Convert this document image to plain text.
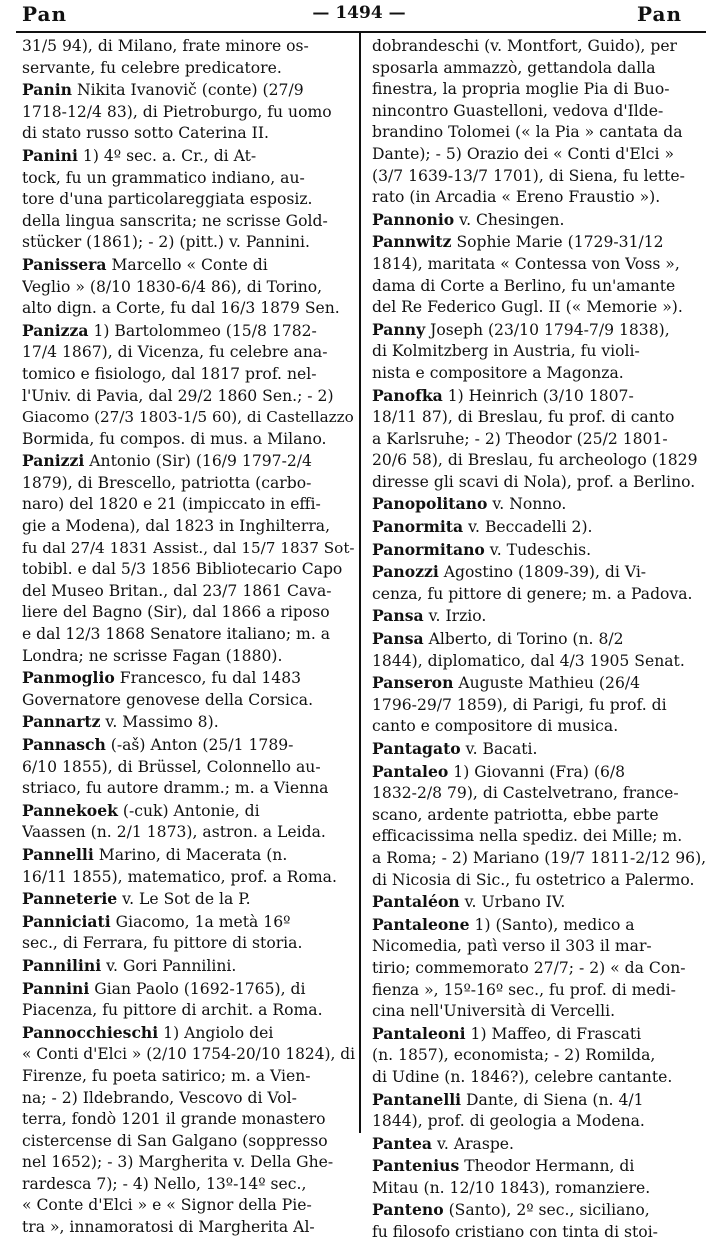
Pan	— 1494 —	Pan
31/5 94), di Milano, frate minore os-
servante, fu celebre predicatore.
Panin Nikita Ivanovič (conte) (27/9
1718-12/4 83), di Pietroburgo, fu uomo
di stato russo sotto Caterina II.
Panini 1) 4º sec. a. Cr., di At-
tock, fu un grammatico indiano, au-
tore d'una particolareggiata esposiz.
della lingua sanscrita; ne scrisse Gold-
stücker (1861); - 2) (pitt.) v. Pannini.
Panissera Marcello « Conte di
Veglio » (8/10 1830-6/4 86), di Torino,
alto dign. a Corte, fu dal 16/3 1879 Sen.
Panizza 1) Bartolommeo (15/8 1782-
17/4 1867), di Vicenza, fu celebre ana-
tomico e fisiologo, dal 1817 prof. nel-
l'Univ. di Pavia, dal 29/2 1860 Sen.; - 2)
Giacomo (27/3 1803-1/5 60), di Castellazzo
Bormida, fu compos. di mus. a Milano.
Panizzi Antonio (Sir) (16/9 1797-2/4
1879), di Brescello, patriotta (carbo-
naro) del 1820 e 21 (impiccato in effi-
gie a Modena), dal 1823 in Inghilterra,
fu dal 27/4 1831 Assist., dal 15/7 1837 Sot-
tobibl. e dal 5/3 1856 Bibliotecario Capo
del Museo Britan., dal 23/7 1861 Cava-
liere del Bagno (Sir), dal 1866 a riposo
e dal 12/3 1868 Senatore italiano; m. a
Londra; ne scrisse Fagan (1880).
Panmoglio Francesco, fu dal 1483
Governatore genovese della Corsica.
Pannartz v. Massimo 8).
Pannasch (-aš) Anton (25/1 1789-
6/10 1855), di Brüssel, Colonnello au-
striaco, fu autore dramm.; m. a Vienna
Pannekoek (-cuk) Antonie, di
Vaassen (n. 2/1 1873), astron. a Leida.
Pannelli Marino, di Macerata (n.
16/11 1855), matematico, prof. a Roma.
Panneterie v. Le Sot de la P.
Panniciati Giacomo, 1a metà 16º
sec., di Ferrara, fu pittore di storia.
Pannilini v. Gori Pannilini.
Pannini Gian Paolo (1692-1765), di
Piacenza, fu pittore di archit. a Roma.
Pannocchieschi 1) Angiolo dei
« Conti d'Elci » (2/10 1754-20/10 1824), di
Firenze, fu poeta satirico; m. a Vien-
na; - 2) Ildebrando, Vescovo di Vol-
terra, fondò 1201 il grande monastero
cistercense di San Galgano (soppresso
nel 1652); - 3) Margherita v. Della Ghe-
rardesca 7); - 4) Nello, 13º-14º sec.,
« Conte d'Elci » e « Signor della Pie-
tra », innamoratosi di Margherita Al-
dobrandeschi (v. Montfort, Guido), per
sposarla ammazzò, gettandola dalla
finestra, la propria moglie Pia di Buo-
nincontro Guastelloni, vedova d'Ilde-
brandino Tolomei (« la Pia » cantata da
Dante); - 5) Orazio dei « Conti d'Elci »
(3/7 1639-13/7 1701), di Siena, fu lette-
rato (in Arcadia « Ereno Fraustio »).
Pannonio v. Chesingen.
Pannwitz Sophie Marie (1729-31/12
1814), maritata « Contessa von Voss »,
dama di Corte a Berlino, fu un'amante
del Re Federico Gugl. II (« Memorie »).
Panny Joseph (23/10 1794-7/9 1838),
di Kolmitzberg in Austria, fu violi-
nista e compositore a Magonza.
Panofka 1) Heinrich (3/10 1807-
18/11 87), di Breslau, fu prof. di canto
a Karlsruhe; - 2) Theodor (25/2 1801-
20/6 58), di Breslau, fu archeologo (1829
diresse gli scavi di Nola), prof. a Berlino.
Panopolitano v. Nonno.
Panormita v. Beccadelli 2).
Panormitano v. Tudeschis.
Panozzi Agostino (1809-39), di Vi-
cenza, fu pittore di genere; m. a Padova.
Pansa v. Irzio.
Pansa Alberto, di Torino (n. 8/2
1844), diplomatico, dal 4/3 1905 Senat.
Panseron Auguste Mathieu (26/4
1796-29/7 1859), di Parigi, fu prof. di
canto e compositore di musica.
Pantagato v. Bacati.
Pantaleo 1) Giovanni (Fra) (6/8
1832-2/8 79), di Castelvetrano, france-
scano, ardente patriotta, ebbe parte
efficacissima nella spediz. dei Mille; m.
a Roma; - 2) Mariano (19/7 1811-2/12 96),
di Nicosia di Sic., fu ostetrico a Palermo.
Pantaléon v. Urbano IV.
Pantaleone 1) (Santo), medico a
Nicomedia, patì verso il 303 il mar-
tirio; commemorato 27/7; - 2) « da Con-
fienza », 15º-16º sec., fu prof. di medi-
cina nell'Università di Vercelli.
Pantaleoni 1) Maffeo, di Frascati
(n. 1857), economista; - 2) Romilda,
di Udine (n. 1846?), celebre cantante.
Pantanelli Dante, di Siena (n. 4/1
1844), prof. di geologia a Modena.
Pantea v. Araspe.
Pantenius Theodor Hermann, di
Mitau (n. 12/10 1843), romanziere.
Panteno (Santo), 2º sec., siciliano,
fu filosofo cristiano con tinta di stoi-
